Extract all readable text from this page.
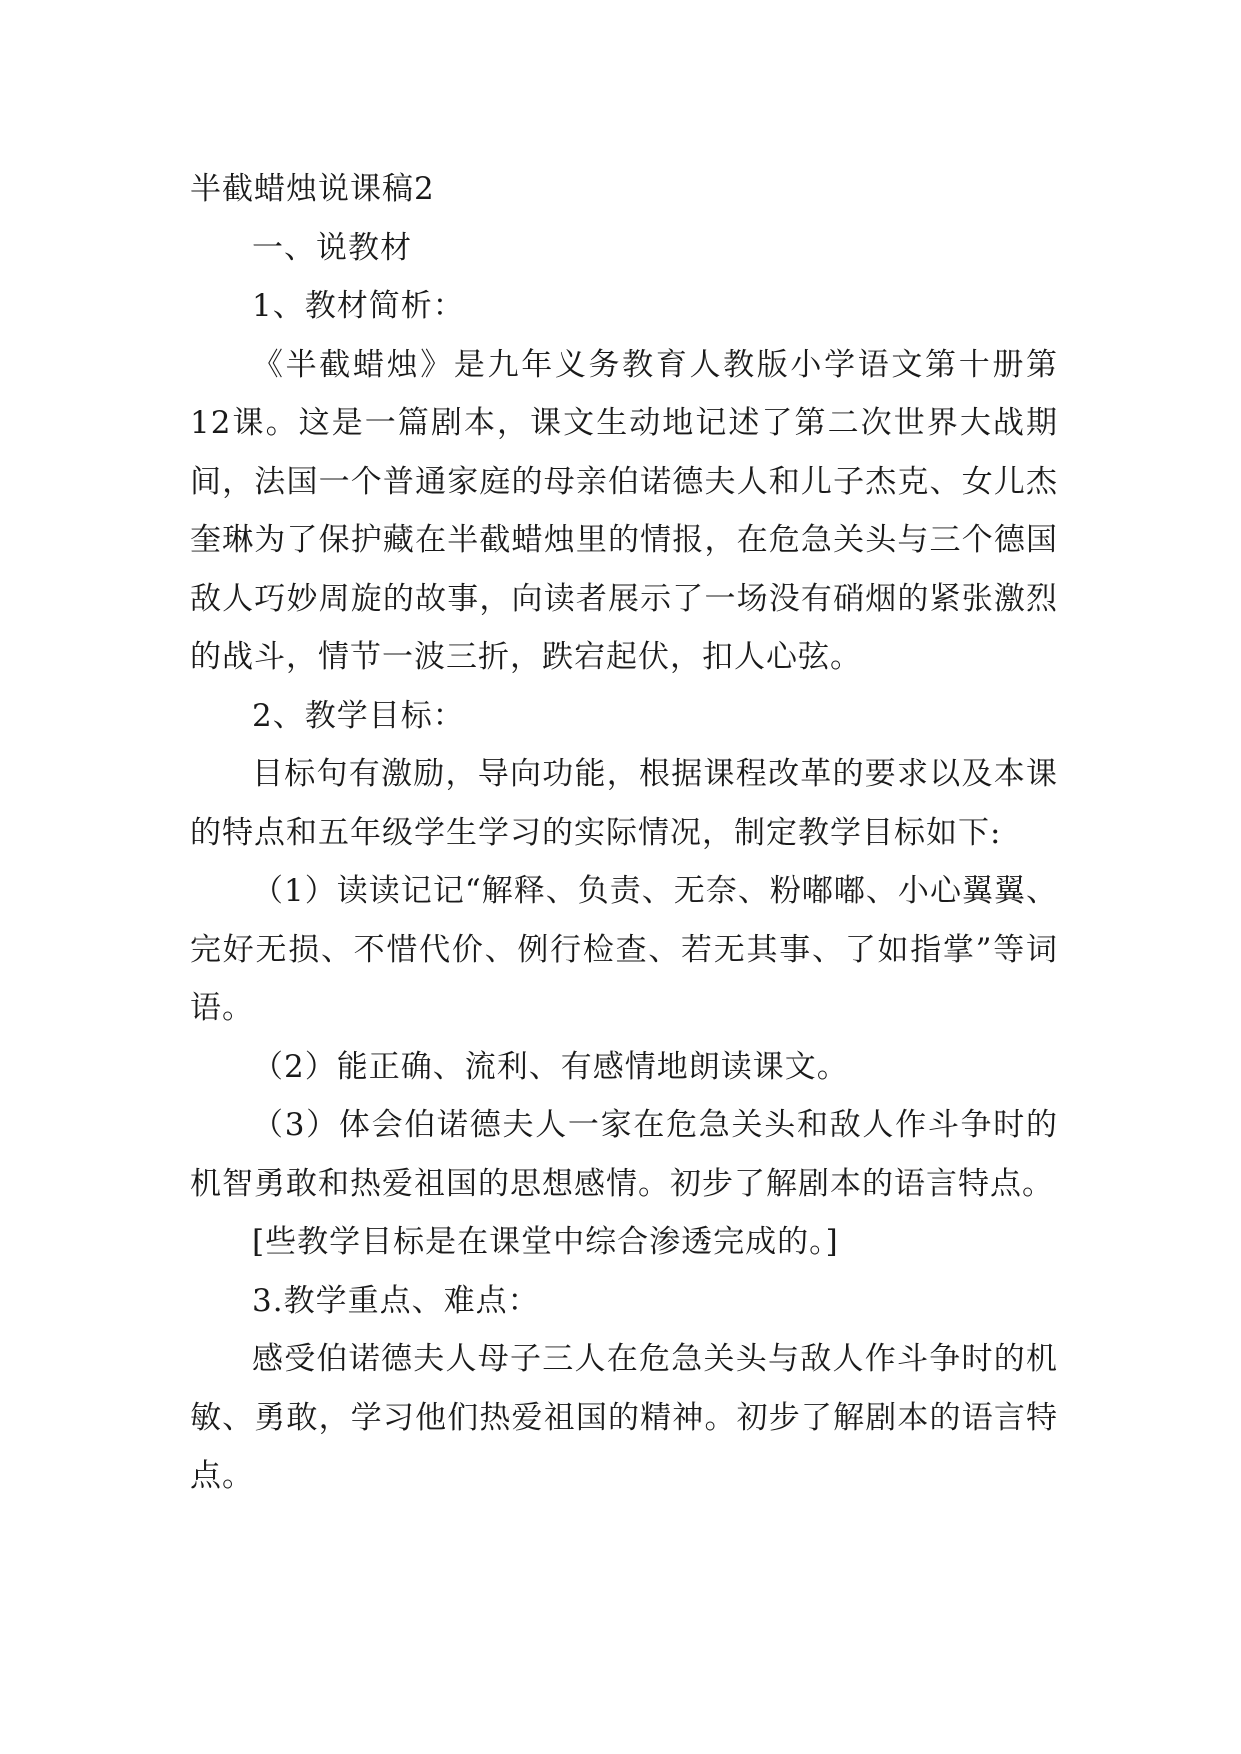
半截蜡烛说课稿2

一、说教材

1、教材简析：

《半截蜡烛》是九年义务教育人教版小学语文第十册第12课。这是一篇剧本，课文生动地记述了第二次世界大战期间，法国一个普通家庭的母亲伯诺德夫人和儿子杰克、女儿杰奎琳为了保护藏在半截蜡烛里的情报，在危急关头与三个德国敌人巧妙周旋的故事，向读者展示了一场没有硝烟的紧张激烈的战斗，情节一波三折，跌宕起伏，扣人心弦。

2、教学目标：

目标句有激励，导向功能，根据课程改革的要求以及本课的特点和五年级学生学习的实际情况，制定教学目标如下:

（1）读读记记“解释、负责、无奈、粉嘟嘟、小心翼翼、完好无损、不惜代价、例行检查、若无其事、了如指掌”等词语。

（2）能正确、流利、有感情地朗读课文。

（3）体会伯诺德夫人一家在危急关头和敌人作斗争时的机智勇敢和热爱祖国的思想感情。初步了解剧本的语言特点。

[些教学目标是在课堂中综合渗透完成的。]

3.教学重点、难点：

感受伯诺德夫人母子三人在危急关头与敌人作斗争时的机敏、勇敢，学习他们热爱祖国的精神。初步了解剧本的语言特点。
